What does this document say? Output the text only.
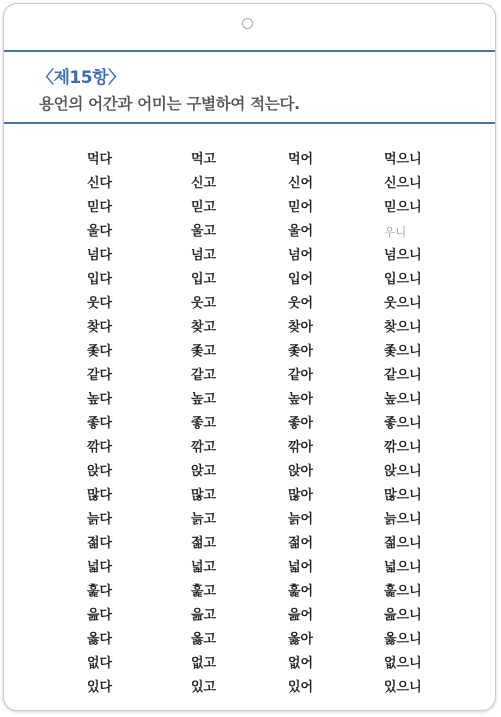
〈제15항〉
용언의 어간과 어미는 구별하여 적는다.
먹다	먹고	먹어	먹으니
신다	신고	신어	신으니
믿다	믿고	믿어	믿으니
울다	울고	울어	우니
넘다	넘고	넘어	넘으니
입다	입고	입어	입으니
웃다	웃고	웃어	웃으니
찾다	찾고	찾아	찾으니
좇다	좇고	좇아	좇으니
같다	같고	같아	같으니
높다	높고	높아	높으니
좋다	좋고	좋아	좋으니
깎다	깎고	깎아	깎으니
앉다	앉고	앉아	앉으니
많다	많고	많아	많으니
늙다	늙고	늙어	늙으니
젊다	젊고	젊어	젊으니
넓다	넓고	넓어	넓으니
훑다	훑고	훑어	훑으니
읊다	읊고	읊어	읊으니
옳다	옳고	옳아	옳으니
없다	없고	없어	없으니
있다	있고	있어	있으니
